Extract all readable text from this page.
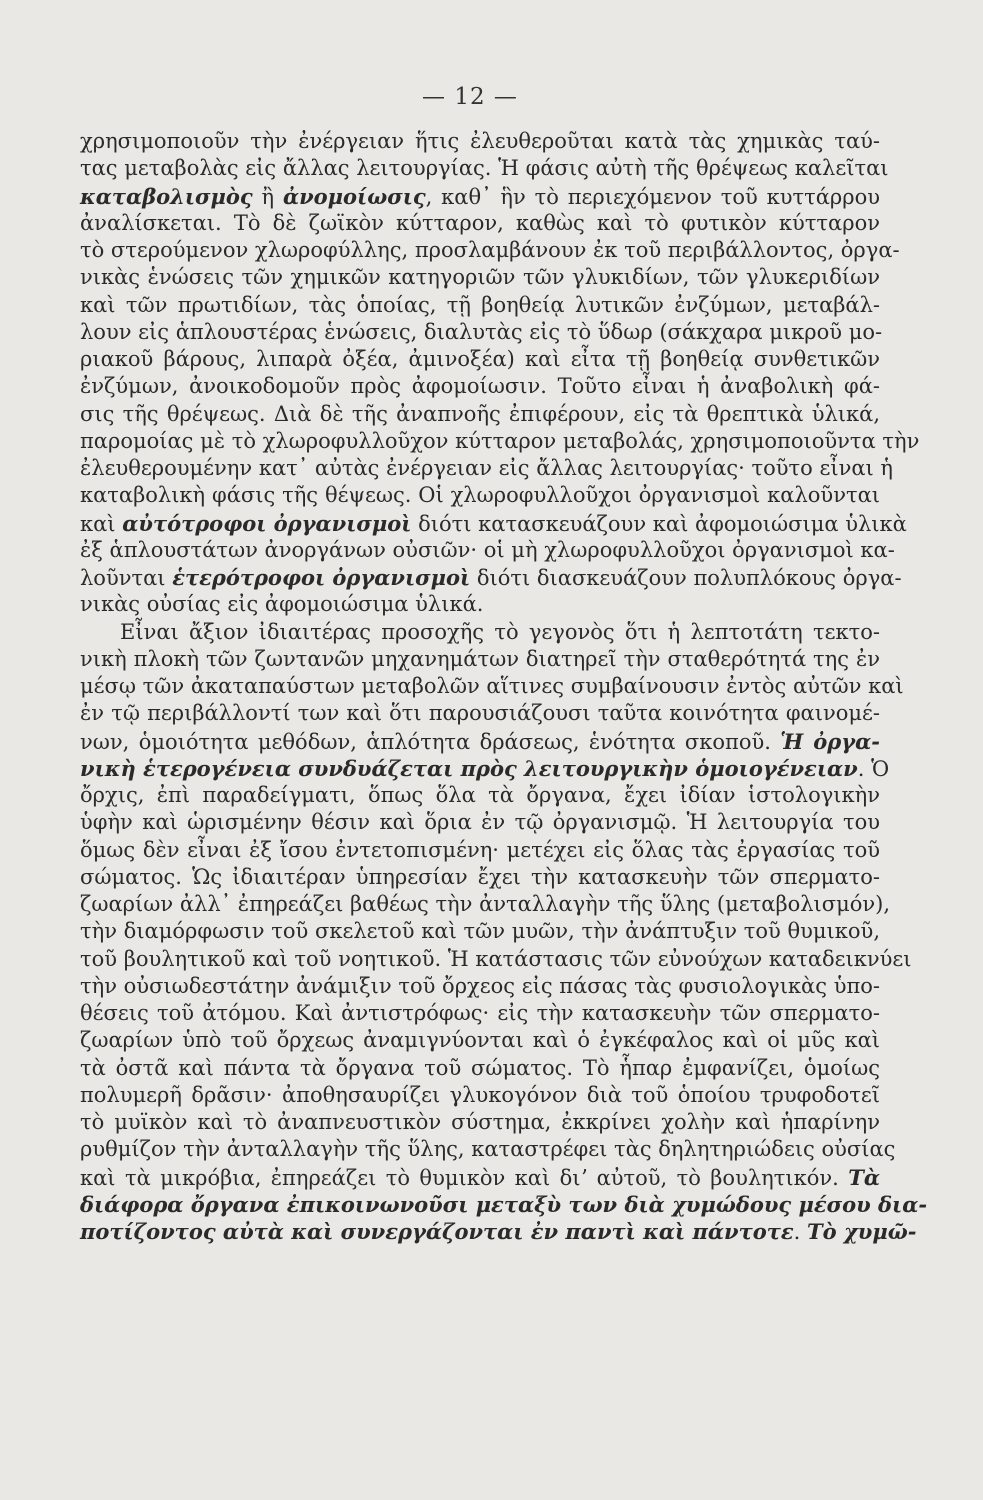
— 12 —
χρησιμοποιοῦν τὴν ἐνέργειαν ἥτις ἐλευθεροῦται κατὰ τὰς χημικὰς ταύ-
τας μεταβολὰς εἰς ἄλλας λειτουργίας. Ἡ φάσις αὐτὴ τῆς θρέψεως καλεῖται
καταβολισμὸς ἢ ἀνομοίωσις, καθ᾽ ἣν τὸ περιεχόμενον τοῦ κυττάρρου
ἀναλίσκεται. Τὸ δὲ ζωϊκὸν κύτταρον, καθὼς καὶ τὸ φυτικὸν κύτταρον
τὸ στερούμενον χλωροφύλλης, προσλαμβάνουν ἐκ τοῦ περιβάλλοντος, ὀργα-
νικὰς ἑνώσεις τῶν χημικῶν κατηγοριῶν τῶν γλυκιδίων, τῶν γλυκεριδίων
καὶ τῶν πρωτιδίων, τὰς ὁποίας, τῇ βοηθείᾳ λυτικῶν ἐνζύμων, μεταβάλ-
λουν εἰς ἁπλουστέρας ἑνώσεις, διαλυτὰς εἰς τὸ ὕδωρ (σάκχαρα μικροῦ μο-
ριακοῦ βάρους, λιπαρὰ ὀξέα, ἀμινοξέα) καὶ εἶτα τῇ βοηθείᾳ συνθετικῶν
ἐνζύμων, ἀνοικοδομοῦν πρὸς ἀφομοίωσιν. Τοῦτο εἶναι ἡ ἀναβολικὴ φά-
σις τῆς θρέψεως. Διὰ δὲ τῆς ἀναπνοῆς ἐπιφέρουν, εἰς τὰ θρεπτικὰ ὑλικά,
παρομοίας μὲ τὸ χλωροφυλλοῦχον κύτταρον μεταβολάς, χρησιμοποιοῦντα τὴν
ἐλευθερουμένην κατ᾽ αὐτὰς ἐνέργειαν εἰς ἄλλας λειτουργίας· τοῦτο εἶναι ἡ
καταβολικὴ φάσις τῆς θέψεως. Οἱ χλωροφυλλοῦχοι ὀργανισμοὶ καλοῦνται
καὶ αὐτότροφοι ὀργανισμοὶ διότι κατασκευάζουν καὶ ἀφομοιώσιμα ὑλικὰ
ἐξ ἁπλουστάτων ἀνοργάνων οὐσιῶν· οἱ μὴ χλωροφυλλοῦχοι ὀργανισμοὶ κα-
λοῦνται ἑτερότροφοι ὀργανισμοὶ διότι διασκευάζουν πολυπλόκους ὀργα-
νικὰς οὐσίας εἰς ἀφομοιώσιμα ὑλικά.
Εἶναι ἄξιον ἰδιαιτέρας προσοχῆς τὸ γεγονὸς ὅτι ἡ λεπτοτάτη τεκτο-
νικὴ πλοκὴ τῶν ζωντανῶν μηχανημάτων διατηρεῖ τὴν σταθερότητά της ἐν
μέσῳ τῶν ἀκαταπαύστων μεταβολῶν αἵτινες συμβαίνουσιν ἐντὸς αὐτῶν καὶ
ἐν τῷ περιβάλλοντί των καὶ ὅτι παρουσιάζουσι ταῦτα κοινότητα φαινομέ-
νων, ὁμοιότητα μεθόδων, ἁπλότητα δράσεως, ἑνότητα σκοποῦ. Ἡ ὀργα-
νικὴ ἑτερογένεια συνδυάζεται πρὸς λειτουργικὴν ὁμοιογένειαν. Ὁ
ὄρχις, ἐπὶ παραδείγματι, ὅπως ὅλα τὰ ὄργανα, ἔχει ἰδίαν ἱστολογικὴν
ὑφὴν καὶ ὡρισμένην θέσιν καὶ ὅρια ἐν τῷ ὀργανισμῷ. Ἡ λειτουργία του
ὅμως δὲν εἶναι ἐξ ἴσου ἐντετοπισμένη· μετέχει εἰς ὅλας τὰς ἐργασίας τοῦ
σώματος. Ὡς ἰδιαιτέραν ὑπηρεσίαν ἔχει τὴν κατασκευὴν τῶν σπερματο-
ζωαρίων ἀλλ᾽ ἐπηρεάζει βαθέως τὴν ἀνταλλαγὴν τῆς ὕλης (μεταβολισμόν),
τὴν διαμόρφωσιν τοῦ σκελετοῦ καὶ τῶν μυῶν, τὴν ἀνάπτυξιν τοῦ θυμικοῦ,
τοῦ βουλητικοῦ καὶ τοῦ νοητικοῦ. Ἡ κατάστασις τῶν εὐνούχων καταδεικνύει
τὴν οὐσιωδεστάτην ἀνάμιξιν τοῦ ὄρχεος εἰς πάσας τὰς φυσιολογικὰς ὑπο-
θέσεις τοῦ ἀτόμου. Καὶ ἀντιστρόφως· εἰς τὴν κατασκευὴν τῶν σπερματο-
ζωαρίων ὑπὸ τοῦ ὄρχεως ἀναμιγνύονται καὶ ὁ ἐγκέφαλος καὶ οἱ μῦς καὶ
τὰ ὀστᾶ καὶ πάντα τὰ ὄργανα τοῦ σώματος. Τὸ ἧπαρ ἐμφανίζει, ὁμοίως
πολυμερῆ δρᾶσιν· ἀποθησαυρίζει γλυκογόνον διὰ τοῦ ὁποίου τρυφοδοτεῖ
τὸ μυϊκὸν καὶ τὸ ἀναπνευστικὸν σύστημα, ἐκκρίνει χολὴν καὶ ἡπαρίνην
ρυθμίζον τὴν ἀνταλλαγὴν τῆς ὕλης, καταστρέφει τὰς δηλητηριώδεις οὐσίας
καὶ τὰ μικρόβια, ἐπηρεάζει τὸ θυμικὸν καὶ διʼ αὐτοῦ, τὸ βουλητικόν. Τὰ
διάφορα ὄργανα ἐπικοινωνοῦσι μεταξὺ των διὰ χυμώδους μέσου δια-
ποτίζοντος αὐτὰ καὶ συνεργάζονται ἐν παντὶ καὶ πάντοτε. Τὸ χυμῶ-
